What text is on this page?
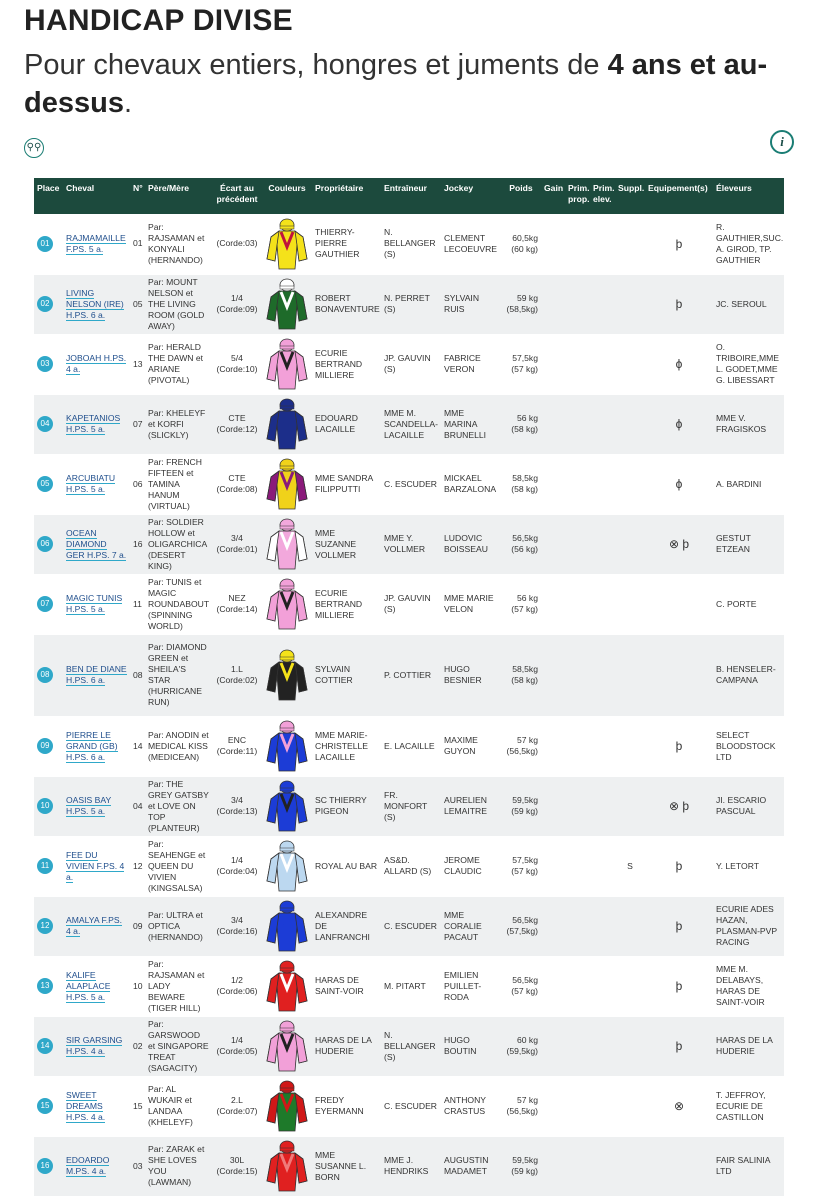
HANDICAP DIVISE
Pour chevaux entiers, hongres et juments de 4 ans et au-dessus.
⚲⚲	i
Place	Cheval	N°	Père/Mère	Écart au précédent	Couleurs	Propriétaire	Entraîneur	Jockey	Poids	Gain	Prim. prop.	Prim. elev.	Suppl.	Equipement(s)	Éleveurs
01	RAJMAMAILLE F.PS. 5 a.	01	Par: RAJSAMAN et KONYALI (HERNANDO)	(Corde:03)		THIERRY-PIERRE GAUTHIER	N. BELLANGER (S)	CLEMENT LECOEUVRE	60,5kg (60 kg)					þ	R. GAUTHIER,SUC. A. GIROD, TP. GAUTHIER
02	LIVING NELSON (IRE) H.PS. 6 a.	05	Par: MOUNT NELSON et THE LIVING ROOM (GOLD AWAY)	1/4 (Corde:09)		ROBERT BONAVENTURE	N. PERRET (S)	SYLVAIN RUIS	59 kg (58,5kg)					þ	JC. SEROUL
03	JOBOAH H.PS. 4 a.	13	Par: HERALD THE DAWN et ARIANE (PIVOTAL)	5/4 (Corde:10)		ECURIE BERTRAND MILLIERE	JP. GAUVIN (S)	FABRICE VERON	57,5kg (57 kg)					ϕ	O. TRIBOIRE,MME L. GODET,MME G. LIBESSART
04	KAPETANIOS H.PS. 5 a.	07	Par: KHELEYF et KORFI (SLICKLY)	CTE (Corde:12)		EDOUARD LACAILLE	MME M. SCANDELLA-LACAILLE	MME MARINA BRUNELLI	56 kg (58 kg)					ϕ	MME V. FRAGISKOS
05	ARCUBIATU H.PS. 5 a.	06	Par: FRENCH FIFTEEN et TAMINA HANUM (VIRTUAL)	CTE (Corde:08)		MME SANDRA FILIPPUTTI	C. ESCUDER	MICKAEL BARZALONA	58,5kg (58 kg)					ϕ	A. BARDINI
06	OCEAN DIAMOND GER H.PS. 7 a.	16	Par: SOLDIER HOLLOW et OLIGARCHICA (DESERT KING)	3/4 (Corde:01)		MME SUZANNE VOLLMER	MME Y. VOLLMER	LUDOVIC BOISSEAU	56,5kg (56 kg)					⊗ þ	GESTUT ETZEAN
07	MAGIC TUNIS H.PS. 5 a.	11	Par: TUNIS et MAGIC ROUNDABOUT (SPINNING WORLD)	NEZ (Corde:14)		ECURIE BERTRAND MILLIERE	JP. GAUVIN (S)	MME MARIE VELON	56 kg (57 kg)						C. PORTE
08	BEN DE DIANE H.PS. 6 a.	08	Par: DIAMOND GREEN et SHEILA'S STAR (HURRICANE RUN)	1.L (Corde:02)		SYLVAIN COTTIER	P. COTTIER	HUGO BESNIER	58,5kg (58 kg)						B. HENSELER-CAMPANA
09	PIERRE LE GRAND (GB) H.PS. 6 a.	14	Par: ANODIN et MEDICAL KISS (MEDICEAN)	ENC (Corde:11)		MME MARIE-CHRISTELLE LACAILLE	E. LACAILLE	MAXIME GUYON	57 kg (56,5kg)					þ	SELECT BLOODSTOCK LTD
10	OASIS BAY H.PS. 5 a.	04	Par: THE GREY GATSBY et LOVE ON TOP (PLANTEUR)	3/4 (Corde:13)		SC THIERRY PIGEON	FR. MONFORT (S)	AURELIEN LEMAITRE	59,5kg (59 kg)					⊗ þ	JI. ESCARIO PASCUAL
11	FEE DU VIVIEN F.PS. 4 a.	12	Par: SEAHENGE et QUEEN DU VIVIEN (KINGSALSA)	1/4 (Corde:04)		ROYAL AU BAR	AS&D. ALLARD (S)	JEROME CLAUDIC	57,5kg (57 kg)				S	þ	Y. LETORT
12	AMALYA F.PS. 4 a.	09	Par: ULTRA et OPTICA (HERNANDO)	3/4 (Corde:16)		ALEXANDRE DE LANFRANCHI	C. ESCUDER	MME CORALIE PACAUT	56,5kg (57,5kg)					þ	ECURIE ADES HAZAN, PLASMAN-PVP RACING
13	KALIFE ALAPLACE H.PS. 5 a.	10	Par: RAJSAMAN et LADY BEWARE (TIGER HILL)	1/2 (Corde:06)		HARAS DE SAINT-VOIR	M. PITART	EMILIEN PUILLET-RODA	56,5kg (57 kg)					þ	MME M. DELABAYS, HARAS DE SAINT-VOIR
14	SIR GARSING H.PS. 4 a.	02	Par: GARSWOOD et SINGAPORE TREAT (SAGACITY)	1/4 (Corde:05)		HARAS DE LA HUDERIE	N. BELLANGER (S)	HUGO BOUTIN	60 kg (59,5kg)					þ	HARAS DE LA HUDERIE
15	SWEET DREAMS H.PS. 4 a.	15	Par: AL WUKAIR et LANDAA (KHELEYF)	2.L (Corde:07)		FREDY EYERMANN	C. ESCUDER	ANTHONY CRASTUS	57 kg (56,5kg)					⊗	T. JEFFROY, ECURIE DE CASTILLON
16	EDOARDO M.PS. 4 a.	03	Par: ZARAK et SHE LOVES YOU (LAWMAN)	30L (Corde:15)		MME SUSANNE L. BORN	MME J. HENDRIKS	AUGUSTIN MADAMET	59,5kg (59 kg)						FAIR SALINIA LTD
